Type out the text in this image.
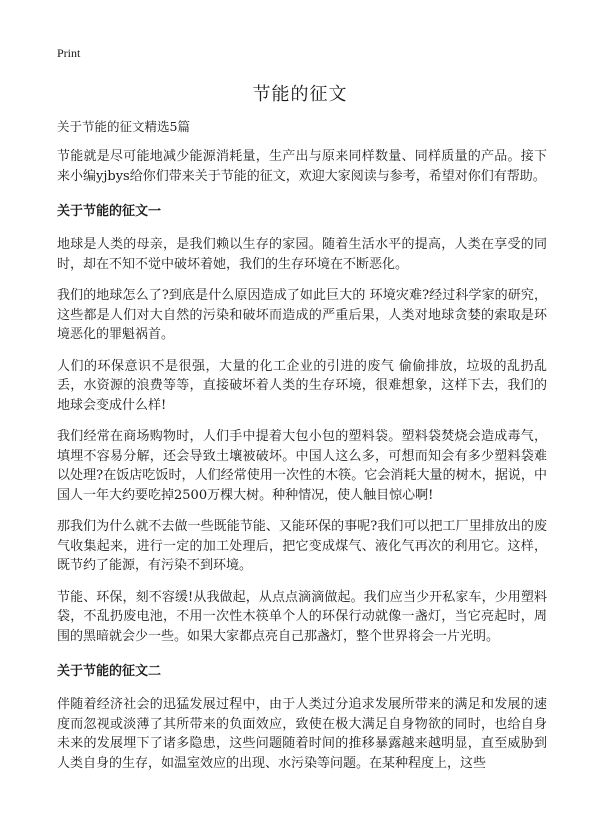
Print
节能的征文

关于节能的征文精选5篇

节能就是尽可能地减少能源消耗量，生产出与原来同样数量、同样质量的产品。接下来小编yjbys给你们带来关于节能的征文，欢迎大家阅读与参考，希望对你们有帮助。

关于节能的征文一

地球是人类的母亲，是我们赖以生存的家园。随着生活水平的提高，人类在享受的同时，却在不知不觉中破坏着她，我们的生存环境在不断恶化。

我们的地球怎么了?到底是什么原因造成了如此巨大的 环境灾难?经过科学家的研究，这些都是人们对大自然的污染和破坏而造成的严重后果，人类对地球贪婪的索取是环境恶化的罪魁祸首。

人们的环保意识不是很强，大量的化工企业的引进的废气 偷偷排放，垃圾的乱扔乱丢，水资源的浪费等等，直接破坏着人类的生存环境，很难想象，这样下去，我们的地球会变成什么样!

我们经常在商场购物时，人们手中提着大包小包的塑料袋。塑料袋焚烧会造成毒气，填埋不容易分解，还会导致土壤被破坏。中国人这么多，可想而知会有多少塑料袋难以处理?在饭店吃饭时，人们经常使用一次性的木筷。它会消耗大量的树木，据说，中国人一年大约要吃掉2500万棵大树。种种情况，使人触目惊心啊!

那我们为什么就不去做一些既能节能、又能环保的事呢?我们可以把工厂里排放出的废气收集起来，进行一定的加工处理后，把它变成煤气、液化气再次的利用它。这样，既节约了能源，有污染不到环境。

节能、环保，刻不容缓!从我做起，从点点滴滴做起。我们应当少开私家车，少用塑料袋，不乱扔废电池，不用一次性木筷单个人的环保行动就像一盏灯，当它亮起时，周围的黑暗就会少一些。如果大家都点亮自己那盏灯，整个世界将会一片光明。

关于节能的征文二

伴随着经济社会的迅猛发展过程中，由于人类过分追求发展所带来的满足和发展的速度而忽视或淡薄了其所带来的负面效应，致使在极大满足自身物欲的同时，也给自身未来的发展埋下了诸多隐患，这些问题随着时间的推移暴露越来越明显，直至威胁到人类自身的生存，如温室效应的出现、水污染等问题。在某种程度上，这些
